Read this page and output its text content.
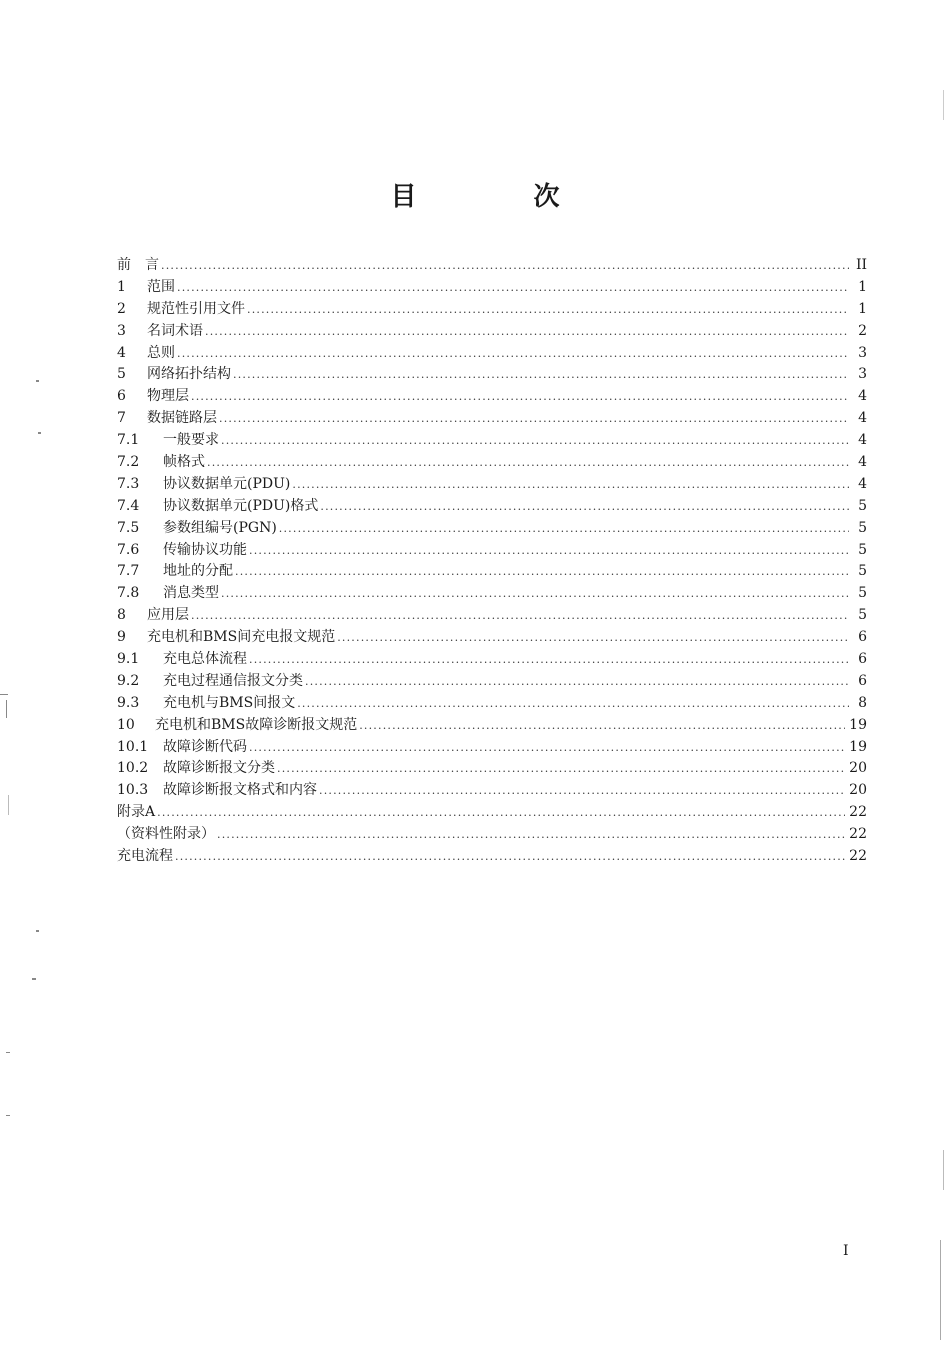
目 次
前　言 .....	II
1	范围 .....	1
2	规范性引用文件 .....	1
3	名词术语 .....	2
4	总则 .....	3
5	网络拓扑结构 .....	3
6	物理层 .....	4
7	数据链路层 .....	4
7.1	一般要求 .....	4
7.2	帧格式 .....	4
7.3	协议数据单元(PDU) .....	4
7.4	协议数据单元(PDU)格式 .....	5
7.5	参数组编号(PGN) .....	5
7.6	传输协议功能 .....	5
7.7	地址的分配 .....	5
7.8	消息类型 .....	5
8	应用层 .....	5
9	充电机和BMS间充电报文规范 .....	6
9.1	充电总体流程 .....	6
9.2	充电过程通信报文分类 .....	6
9.3	充电机与BMS间报文 .....	8
10	充电机和BMS故障诊断报文规范 .....	19
10.1	故障诊断代码 .....	19
10.2	故障诊断报文分类 .....	20
10.3	故障诊断报文格式和内容 .....	20
附录A .....	22
（资料性附录） .....	22
充电流程 .....	22
I
